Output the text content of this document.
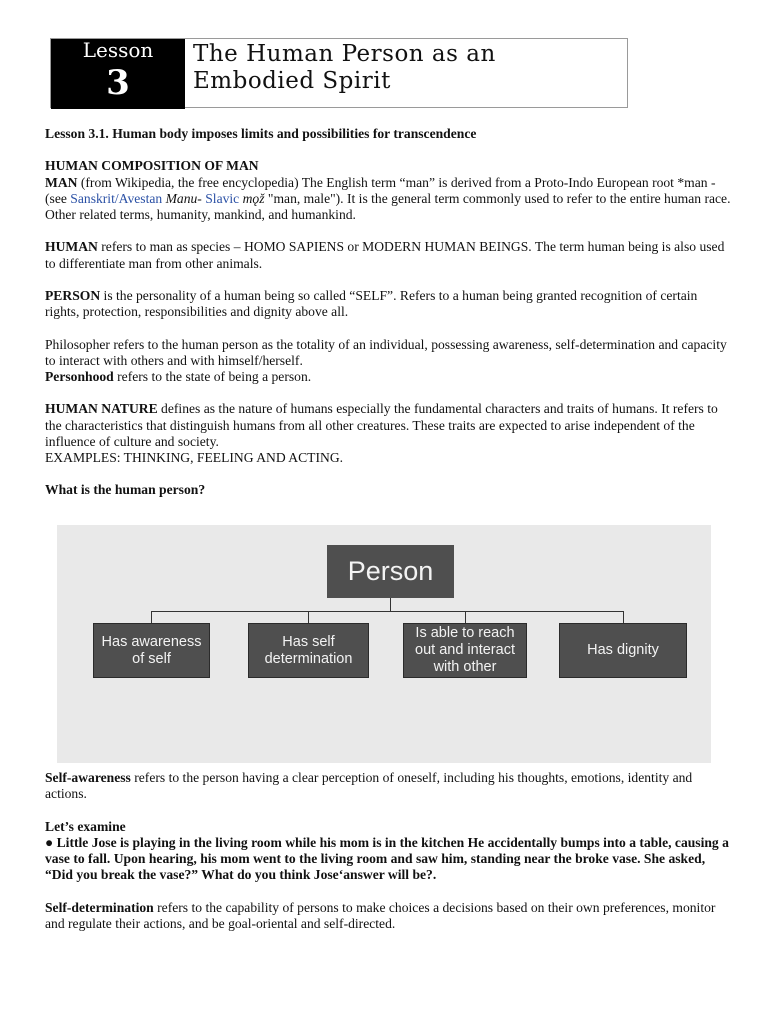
Lesson
3
The Human Person as an
Embodied Spirit

Lesson 3.1. Human body imposes limits and possibilities for transcendence

HUMAN COMPOSITION OF MAN
MAN (from Wikipedia, the free encyclopedia) The English term “man” is derived from a Proto-Indo European root *man - (see Sanskrit/Avestan Manu- Slavic mǫž "man, male"). It is the general term commonly used to refer to the entire human race. Other related terms, humanity, mankind, and humankind.

HUMAN refers to man as species – HOMO SAPIENS or MODERN HUMAN BEINGS. The term human being is also used to differentiate man from other animals.

PERSON is the personality of a human being so called “SELF”. Refers to a human being granted recognition of certain rights, protection, responsibilities and dignity above all.

Philosopher refers to the human person as the totality of an individual, possessing awareness, self-determination and capacity to interact with others and with himself/herself.
Personhood refers to the state of being a person.

HUMAN NATURE defines as the nature of humans especially the fundamental characters and traits of humans. It refers to the characteristics that distinguish humans from all other creatures. These traits are expected to arise independent of the influence of culture and society.
EXAMPLES: THINKING, FEELING AND ACTING.

What is the human person?

Person
Has awareness of self
Has self determination
Is able to reach out and interact with other
Has dignity

Self-awareness refers to the person having a clear perception of oneself, including his thoughts, emotions, identity and actions.

Let’s examine
● Little Jose is playing in the living room while his mom is in the kitchen He accidentally bumps into a table, causing a vase to fall. Upon hearing, his mom went to the living room and saw him, standing near the broke vase. She asked, “Did you break the vase?” What do you think Jose‘answer will be?.

Self-determination refers to the capability of persons to make choices a decisions based on their own preferences, monitor and regulate their actions, and be goal-oriental and self-directed.
